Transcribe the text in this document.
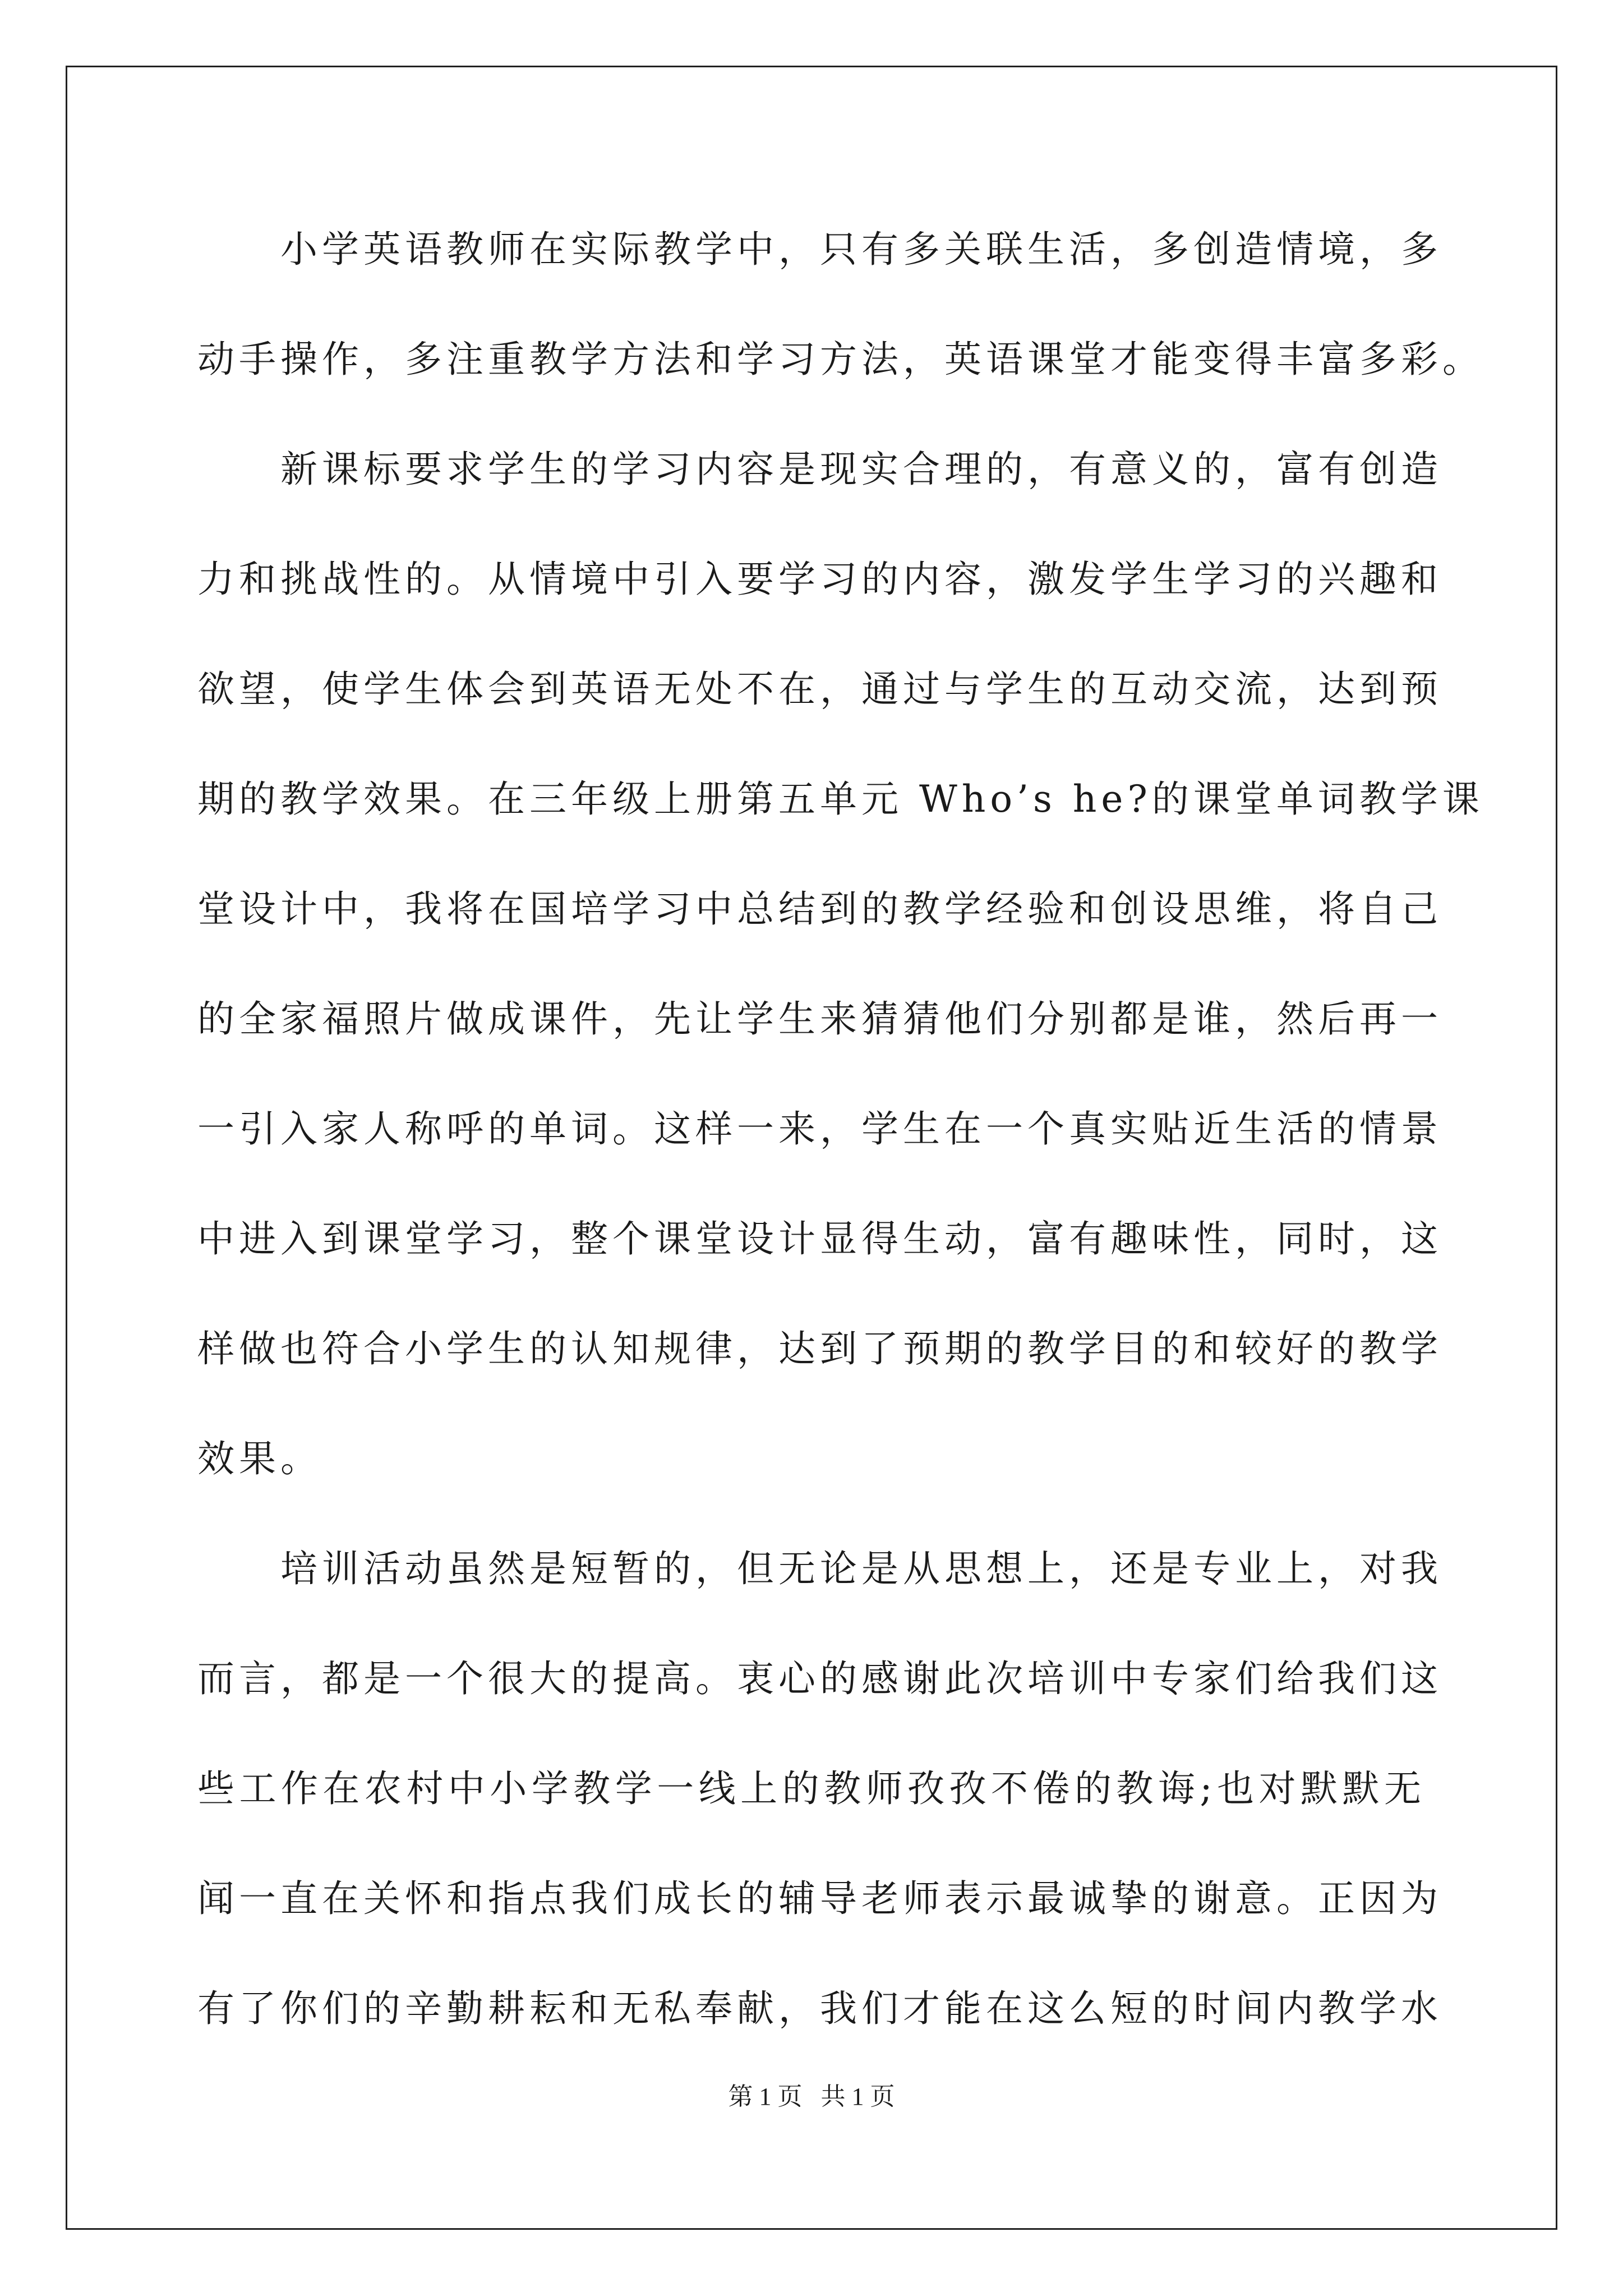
小学英语教师在实际教学中，只有多关联生活，多创造情境，多
动手操作，多注重教学方法和学习方法，英语课堂才能变得丰富多彩。
新课标要求学生的学习内容是现实合理的，有意义的，富有创造
力和挑战性的。从情境中引入要学习的内容，激发学生学习的兴趣和
欲望，使学生体会到英语无处不在，通过与学生的互动交流，达到预
期的教学效果。在三年级上册第五单元 Who’s he?的课堂单词教学课
堂设计中，我将在国培学习中总结到的教学经验和创设思维，将自己
的全家福照片做成课件，先让学生来猜猜他们分别都是谁，然后再一
一引入家人称呼的单词。这样一来，学生在一个真实贴近生活的情景
中进入到课堂学习，整个课堂设计显得生动，富有趣味性，同时，这
样做也符合小学生的认知规律，达到了预期的教学目的和较好的教学
效果。
培训活动虽然是短暂的，但无论是从思想上，还是专业上，对我
而言，都是一个很大的提高。衷心的感谢此次培训中专家们给我们这
些工作在农村中小学教学一线上的教师孜孜不倦的教诲;也对默默无
闻一直在关怀和指点我们成长的辅导老师表示最诚挚的谢意。正因为
有了你们的辛勤耕耘和无私奉献，我们才能在这么短的时间内教学水
第 1 页 共 1 页
